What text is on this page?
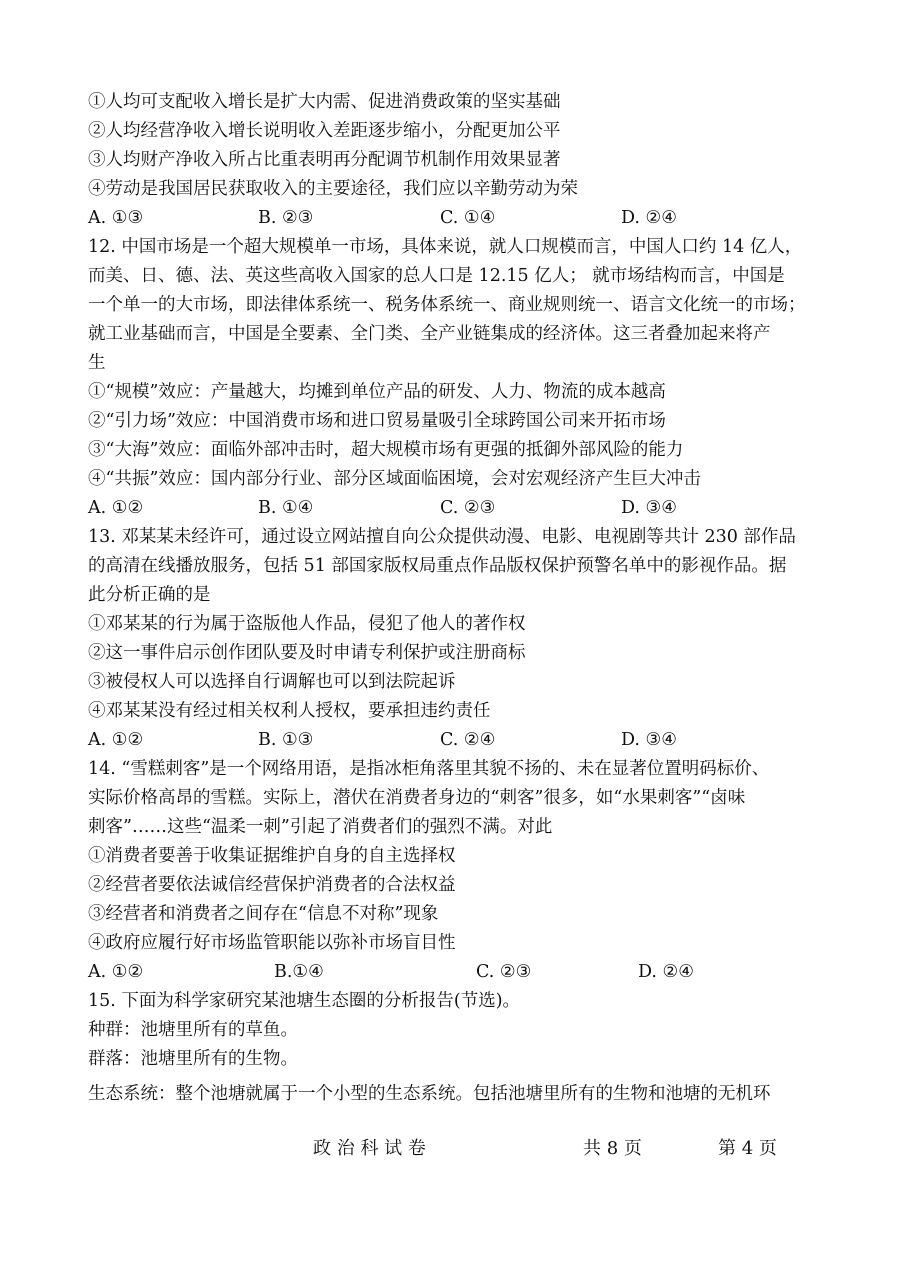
①人均可支配收入增长是扩大内需、促进消费政策的坚实基础
②人均经营净收入增长说明收入差距逐步缩小，分配更加公平
③人均财产净收入所占比重表明再分配调节机制作用效果显著
④劳动是我国居民获取收入的主要途径，我们应以辛勤劳动为荣
A. ①③	B. ②③	C. ①④	D. ②④
12. 中国市场是一个超大规模单一市场，具体来说，就人口规模而言，中国人口约 14 亿人，
而美、日、德、法、英这些高收入国家的总人口是 12.15 亿人； 就市场结构而言，中国是
一个单一的大市场，即法律体系统一、税务体系统一、商业规则统一、语言文化统一的市场；
就工业基础而言，中国是全要素、全门类、全产业链集成的经济体。这三者叠加起来将产
生
①“规模”效应：产量越大，均摊到单位产品的研发、人力、物流的成本越高
②“引力场”效应：中国消费市场和进口贸易量吸引全球跨国公司来开拓市场
③“大海”效应：面临外部冲击时，超大规模市场有更强的抵御外部风险的能力
④“共振”效应：国内部分行业、部分区域面临困境，会对宏观经济产生巨大冲击
A. ①②	B. ①④	C. ②③	D. ③④
13. 邓某某未经许可，通过设立网站擅自向公众提供动漫、电影、电视剧等共计 230 部作品
的高清在线播放服务，包括 51 部国家版权局重点作品版权保护预警名单中的影视作品。据
此分析正确的是
①邓某某的行为属于盗版他人作品，侵犯了他人的著作权
②这一事件启示创作团队要及时申请专利保护或注册商标
③被侵权人可以选择自行调解也可以到法院起诉
④邓某某没有经过相关权利人授权，要承担违约责任
A. ①②	B. ①③	C. ②④	D. ③④
14. “雪糕刺客”是一个网络用语，是指冰柜角落里其貌不扬的、未在显著位置明码标价、
实际价格高昂的雪糕。实际上，潜伏在消费者身边的“刺客”很多，如“水果刺客”“卤味
刺客”……这些“温柔一刺”引起了消费者们的强烈不满。对此
①消费者要善于收集证据维护自身的自主选择权
②经营者要依法诚信经营保护消费者的合法权益
③经营者和消费者之间存在“信息不对称”现象
④政府应履行好市场监管职能以弥补市场盲目性
A. ①②	B.①④	C. ②③	D. ②④
15. 下面为科学家研究某池塘生态圈的分析报告(节选)。
种群：池塘里所有的草鱼。
群落：池塘里所有的生物。
生态系统：整个池塘就属于一个小型的生态系统。包括池塘里所有的生物和池塘的无机环
政 治 科 试 卷	共 8 页	第 4 页
